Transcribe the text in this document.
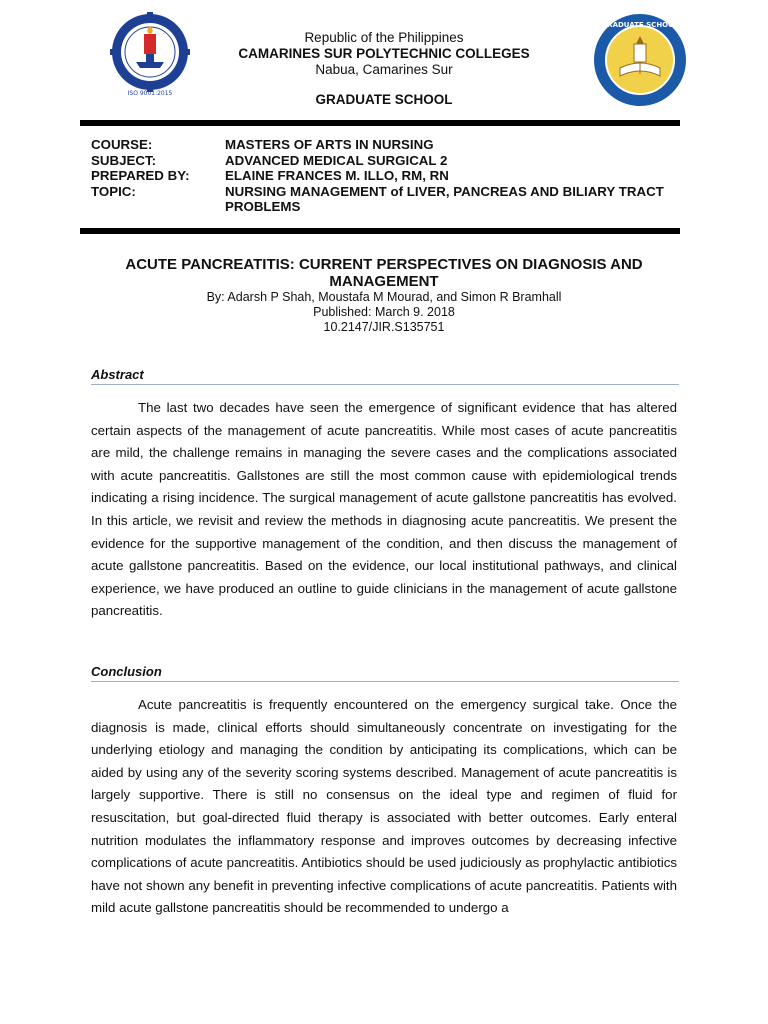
ISO 9001:2015
GRADUATE SCHOOL
Republic of the Philippines
CAMARINES SUR POLYTECHNIC COLLEGES
Nabua, Camarines Sur
GRADUATE SCHOOL
COURSE:	MASTERS OF ARTS IN NURSING
SUBJECT:	ADVANCED MEDICAL SURGICAL 2
PREPARED BY:	ELAINE FRANCES M. ILLO, RM, RN
TOPIC:	NURSING MANAGEMENT of LIVER, PANCREAS AND BILIARY TRACT PROBLEMS
ACUTE PANCREATITIS: CURRENT PERSPECTIVES ON DIAGNOSIS AND MANAGEMENT
By: Adarsh P Shah, Moustafa M Mourad, and Simon R Bramhall
Published: March 9. 2018
10.2147/JIR.S135751
Abstract

The last two decades have seen the emergence of significant evidence that has altered certain aspects of the management of acute pancreatitis. While most cases of acute pancreatitis are mild, the challenge remains in managing the severe cases and the complications associated with acute pancreatitis. Gallstones are still the most common cause with epidemiological trends indicating a rising incidence. The surgical management of acute gallstone pancreatitis has evolved. In this article, we revisit and review the methods in diagnosing acute pancreatitis. We present the evidence for the supportive management of the condition, and then discuss the management of acute gallstone pancreatitis. Based on the evidence, our local institutional pathways, and clinical experience, we have produced an outline to guide clinicians in the management of acute gallstone pancreatitis.

Conclusion

Acute pancreatitis is frequently encountered on the emergency surgical take. Once the diagnosis is made, clinical efforts should simultaneously concentrate on investigating for the underlying etiology and managing the condition by anticipating its complications, which can be aided by using any of the severity scoring systems described. Management of acute pancreatitis is largely supportive. There is still no consensus on the ideal type and regimen of fluid for resuscitation, but goal-directed fluid therapy is associated with better outcomes. Early enteral nutrition modulates the inflammatory response and improves outcomes by decreasing infective complications of acute pancreatitis. Antibiotics should be used judiciously as prophylactic antibiotics have not shown any benefit in preventing infective complications of acute pancreatitis. Patients with mild acute gallstone pancreatitis should be recommended to undergo a
